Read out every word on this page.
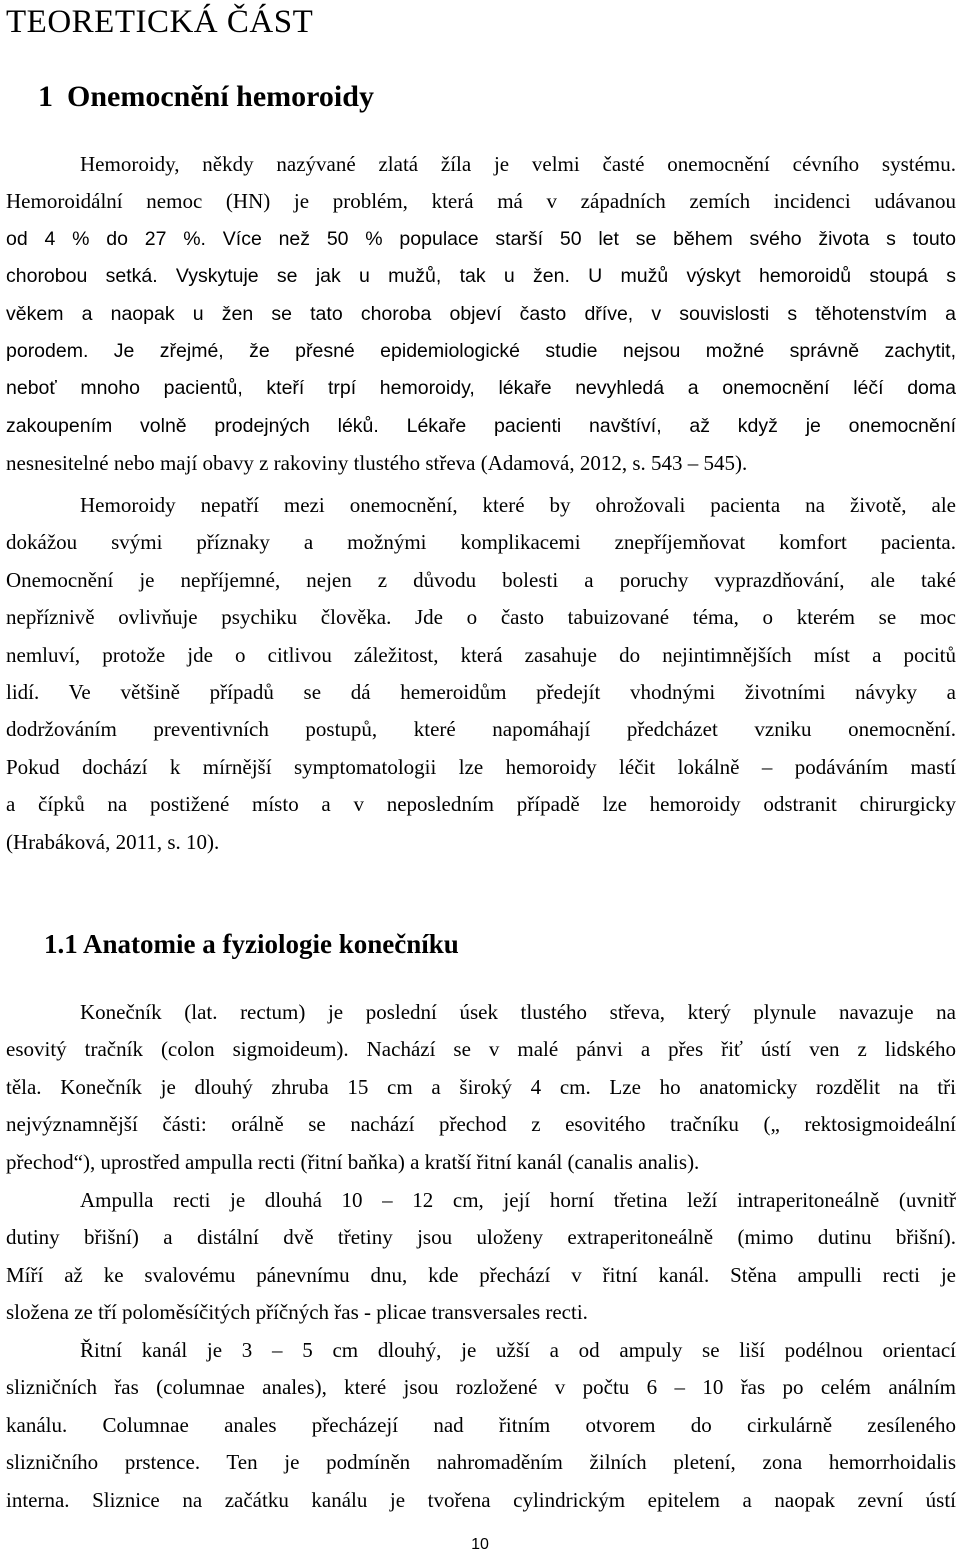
TEORETICKÁ ČÁST
1 Onemocnění hemoroidy
Hemoroidy, někdy nazývané zlatá žíla je velmi časté onemocnění cévního systému.
Hemoroidální nemoc (HN) je problém, která má v západních zemích incidenci udávanou
od 4 % do 27 %. Více než 50 % populace starší 50 let se během svého života s touto
chorobou setká. Vyskytuje se jak u mužů, tak u žen. U mužů výskyt hemoroidů stoupá s
věkem a naopak u žen se tato choroba objeví často dříve, v souvislosti s těhotenstvím a
porodem. Je zřejmé, že přesné epidemiologické studie nejsou možné správně zachytit,
neboť mnoho pacientů, kteří trpí hemoroidy, lékaře nevyhledá a onemocnění léčí doma
zakoupením volně prodejných léků. Lékaře pacienti navštíví, až když je onemocnění
nesnesitelné nebo mají obavy z rakoviny tlustého střeva (Adamová, 2012, s. 543 – 545).
Hemoroidy nepatří mezi onemocnění, které by ohrožovali pacienta na životě, ale
dokážou svými příznaky a možnými komplikacemi znepříjemňovat komfort pacienta.
Onemocnění je nepříjemné, nejen z důvodu bolesti a poruchy vyprazdňování, ale také
nepříznivě ovlivňuje psychiku člověka. Jde o často tabuizované téma, o kterém se moc
nemluví, protože jde o citlivou záležitost, která zasahuje do nejintimnějších míst a pocitů
lidí. Ve většině případů se dá hemeroidům předejít vhodnými životními návyky a
dodržováním preventivních postupů, které napomáhají předcházet vzniku onemocnění.
Pokud dochází k mírnější symptomatologii lze hemoroidy léčit lokálně – podáváním mastí
a čípků na postižené místo a v neposledním případě lze hemoroidy odstranit chirurgicky
(Hrabáková, 2011, s. 10).
1.1 Anatomie a fyziologie konečníku
Konečník (lat. rectum) je poslední úsek tlustého střeva, který plynule navazuje na
esovitý tračník (colon sigmoideum). Nachází se v malé pánvi a přes řiť ústí ven z lidského
těla. Konečník je dlouhý zhruba 15 cm a široký 4 cm. Lze ho anatomicky rozdělit na tři
nejvýznamnější části: orálně se nachází přechod z esovitého tračníku („ rektosigmoideální
přechod“), uprostřed ampulla recti (řitní baňka) a kratší řitní kanál (canalis analis).
Ampulla recti je dlouhá 10 – 12 cm, její horní třetina leží intraperitoneálně (uvnitř
dutiny břišní) a distální dvě třetiny jsou uloženy extraperitoneálně (mimo dutinu břišní).
Míří až ke svalovému pánevnímu dnu, kde přechází v řitní kanál. Stěna ampulli recti je
složena ze tří poloměsíčitých příčných řas - plicae transversales recti.
Řitní kanál je 3 – 5 cm dlouhý, je užší a od ampuly se liší podélnou orientací
slizničních řas (columnae anales), které jsou rozložené v počtu 6 – 10 řas po celém análním
kanálu. Columnae anales přecházejí nad řitním otvorem do cirkulárně zesíleného
slizničního prstence. Ten je podmíněn nahromaděním žilních pletení, zona hemorrhoidalis
interna. Sliznice na začátku kanálu je tvořena cylindrickým epitelem a naopak zevní ústí
10
